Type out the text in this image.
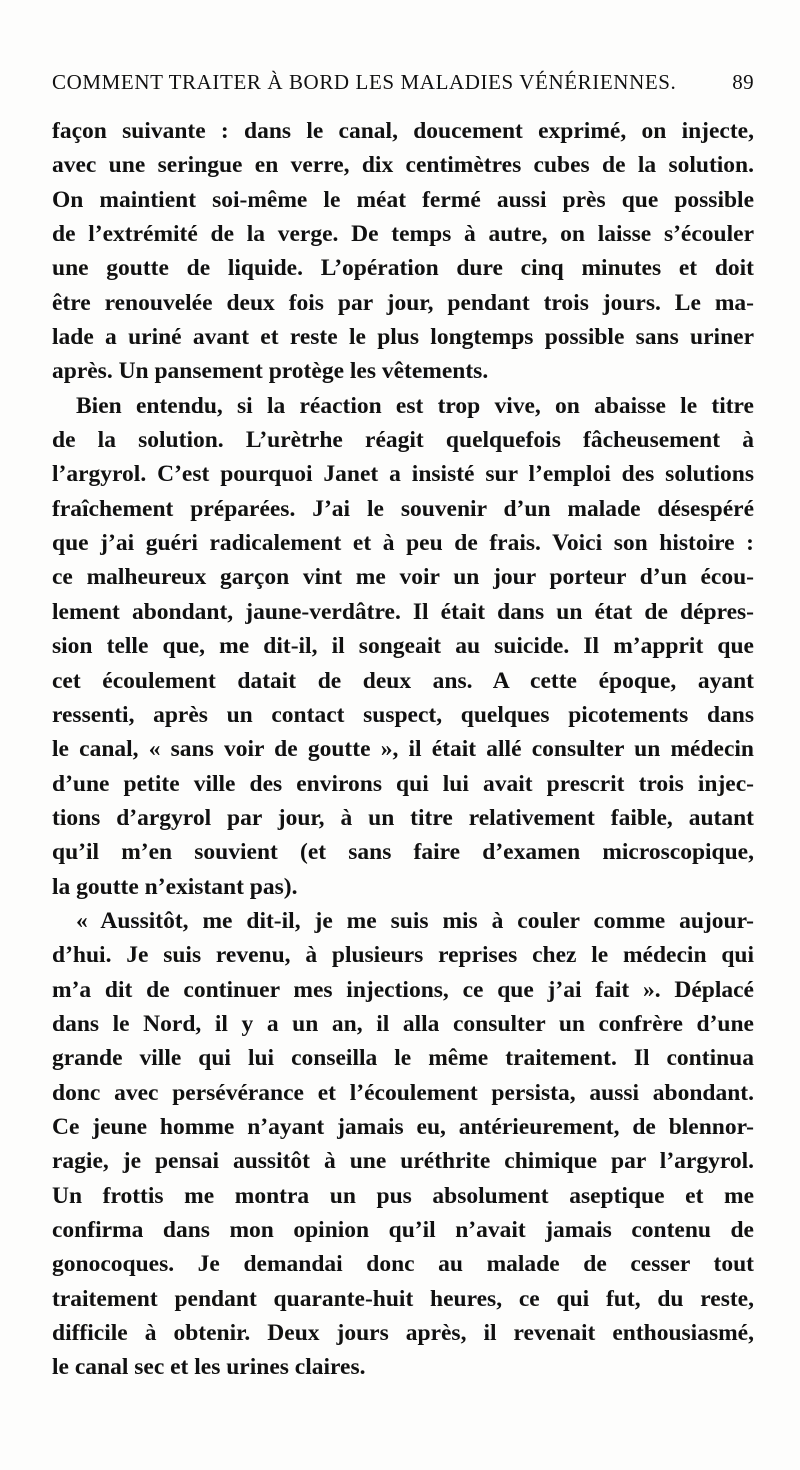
COMMENT TRAITER À BORD LES MALADIES VÉNÉRIENNES.	89
façon suivante : dans le canal, doucement exprimé, on injecte,
avec une seringue en verre, dix centimètres cubes de la solution.
On maintient soi-même le méat fermé aussi près que possible
de l’extrémité de la verge. De temps à autre, on laisse s’écouler
une goutte de liquide. L’opération dure cinq minutes et doit
être renouvelée deux fois par jour, pendant trois jours. Le ma-
lade a uriné avant et reste le plus longtemps possible sans uriner
après. Un pansement protège les vêtements.
Bien entendu, si la réaction est trop vive, on abaisse le titre
de la solution. L’urètrhe réagit quelquefois fâcheusement à
l’argyrol. C’est pourquoi Janet a insisté sur l’emploi des solutions
fraîchement préparées. J’ai le souvenir d’un malade désespéré
que j’ai guéri radicalement et à peu de frais. Voici son histoire :
ce malheureux garçon vint me voir un jour porteur d’un écou-
lement abondant, jaune-verdâtre. Il était dans un état de dépres-
sion telle que, me dit-il, il songeait au suicide. Il m’apprit que
cet écoulement datait de deux ans. A cette époque, ayant
ressenti, après un contact suspect, quelques picotements dans
le canal, « sans voir de goutte », il était allé consulter un médecin
d’une petite ville des environs qui lui avait prescrit trois injec-
tions d’argyrol par jour, à un titre relativement faible, autant
qu’il m’en souvient (et sans faire d’examen microscopique,
la goutte n’existant pas).
« Aussitôt, me dit-il, je me suis mis à couler comme aujour-
d’hui. Je suis revenu, à plusieurs reprises chez le médecin qui
m’a dit de continuer mes injections, ce que j’ai fait ». Déplacé
dans le Nord, il y a un an, il alla consulter un confrère d’une
grande ville qui lui conseilla le même traitement. Il continua
donc avec persévérance et l’écoulement persista, aussi abondant.
Ce jeune homme n’ayant jamais eu, antérieurement, de blennor-
ragie, je pensai aussitôt à une uréthrite chimique par l’argyrol.
Un frottis me montra un pus absolument aseptique et me
confirma dans mon opinion qu’il n’avait jamais contenu de
gonocoques. Je demandai donc au malade de cesser tout
traitement pendant quarante-huit heures, ce qui fut, du reste,
difficile à obtenir. Deux jours après, il revenait enthousiasmé,
le canal sec et les urines claires.
